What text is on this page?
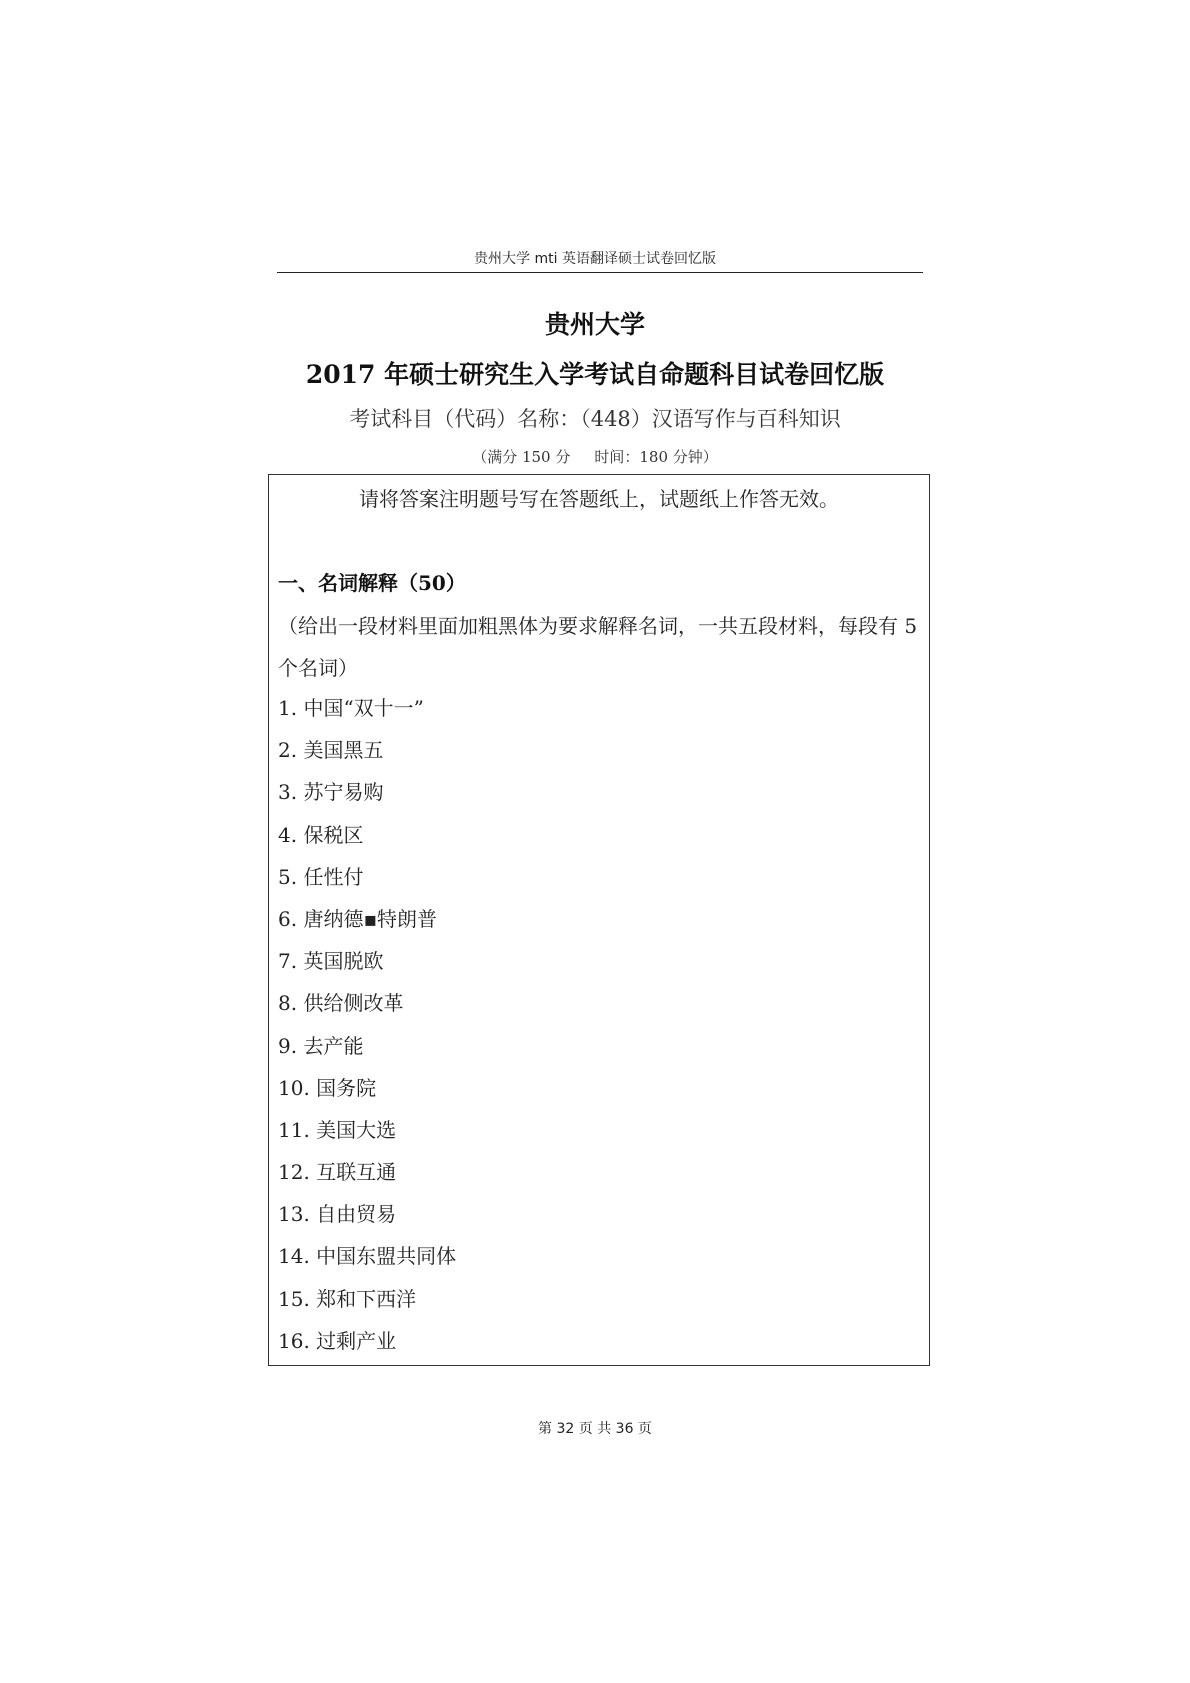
贵州大学 mti 英语翻译硕士试卷回忆版
贵州大学
2017 年硕士研究生入学考试自命题科目试卷回忆版
考试科目（代码）名称：（448）汉语写作与百科知识
（满分 150 分 时间：180 分钟）
请将答案注明题号写在答题纸上，试题纸上作答无效。
一、名词解释（50）
（给出一段材料里面加粗黑体为要求解释名词，一共五段材料，每段有 5 个名词）
1. 中国“双十一”
2. 美国黑五
3. 苏宁易购
4. 保税区
5. 任性付
6. 唐纳德▪特朗普
7. 英国脱欧
8. 供给侧改革
9. 去产能
10. 国务院
11. 美国大选
12. 互联互通
13. 自由贸易
14. 中国东盟共同体
15. 郑和下西洋
16. 过剩产业
第 32 页 共 36 页
